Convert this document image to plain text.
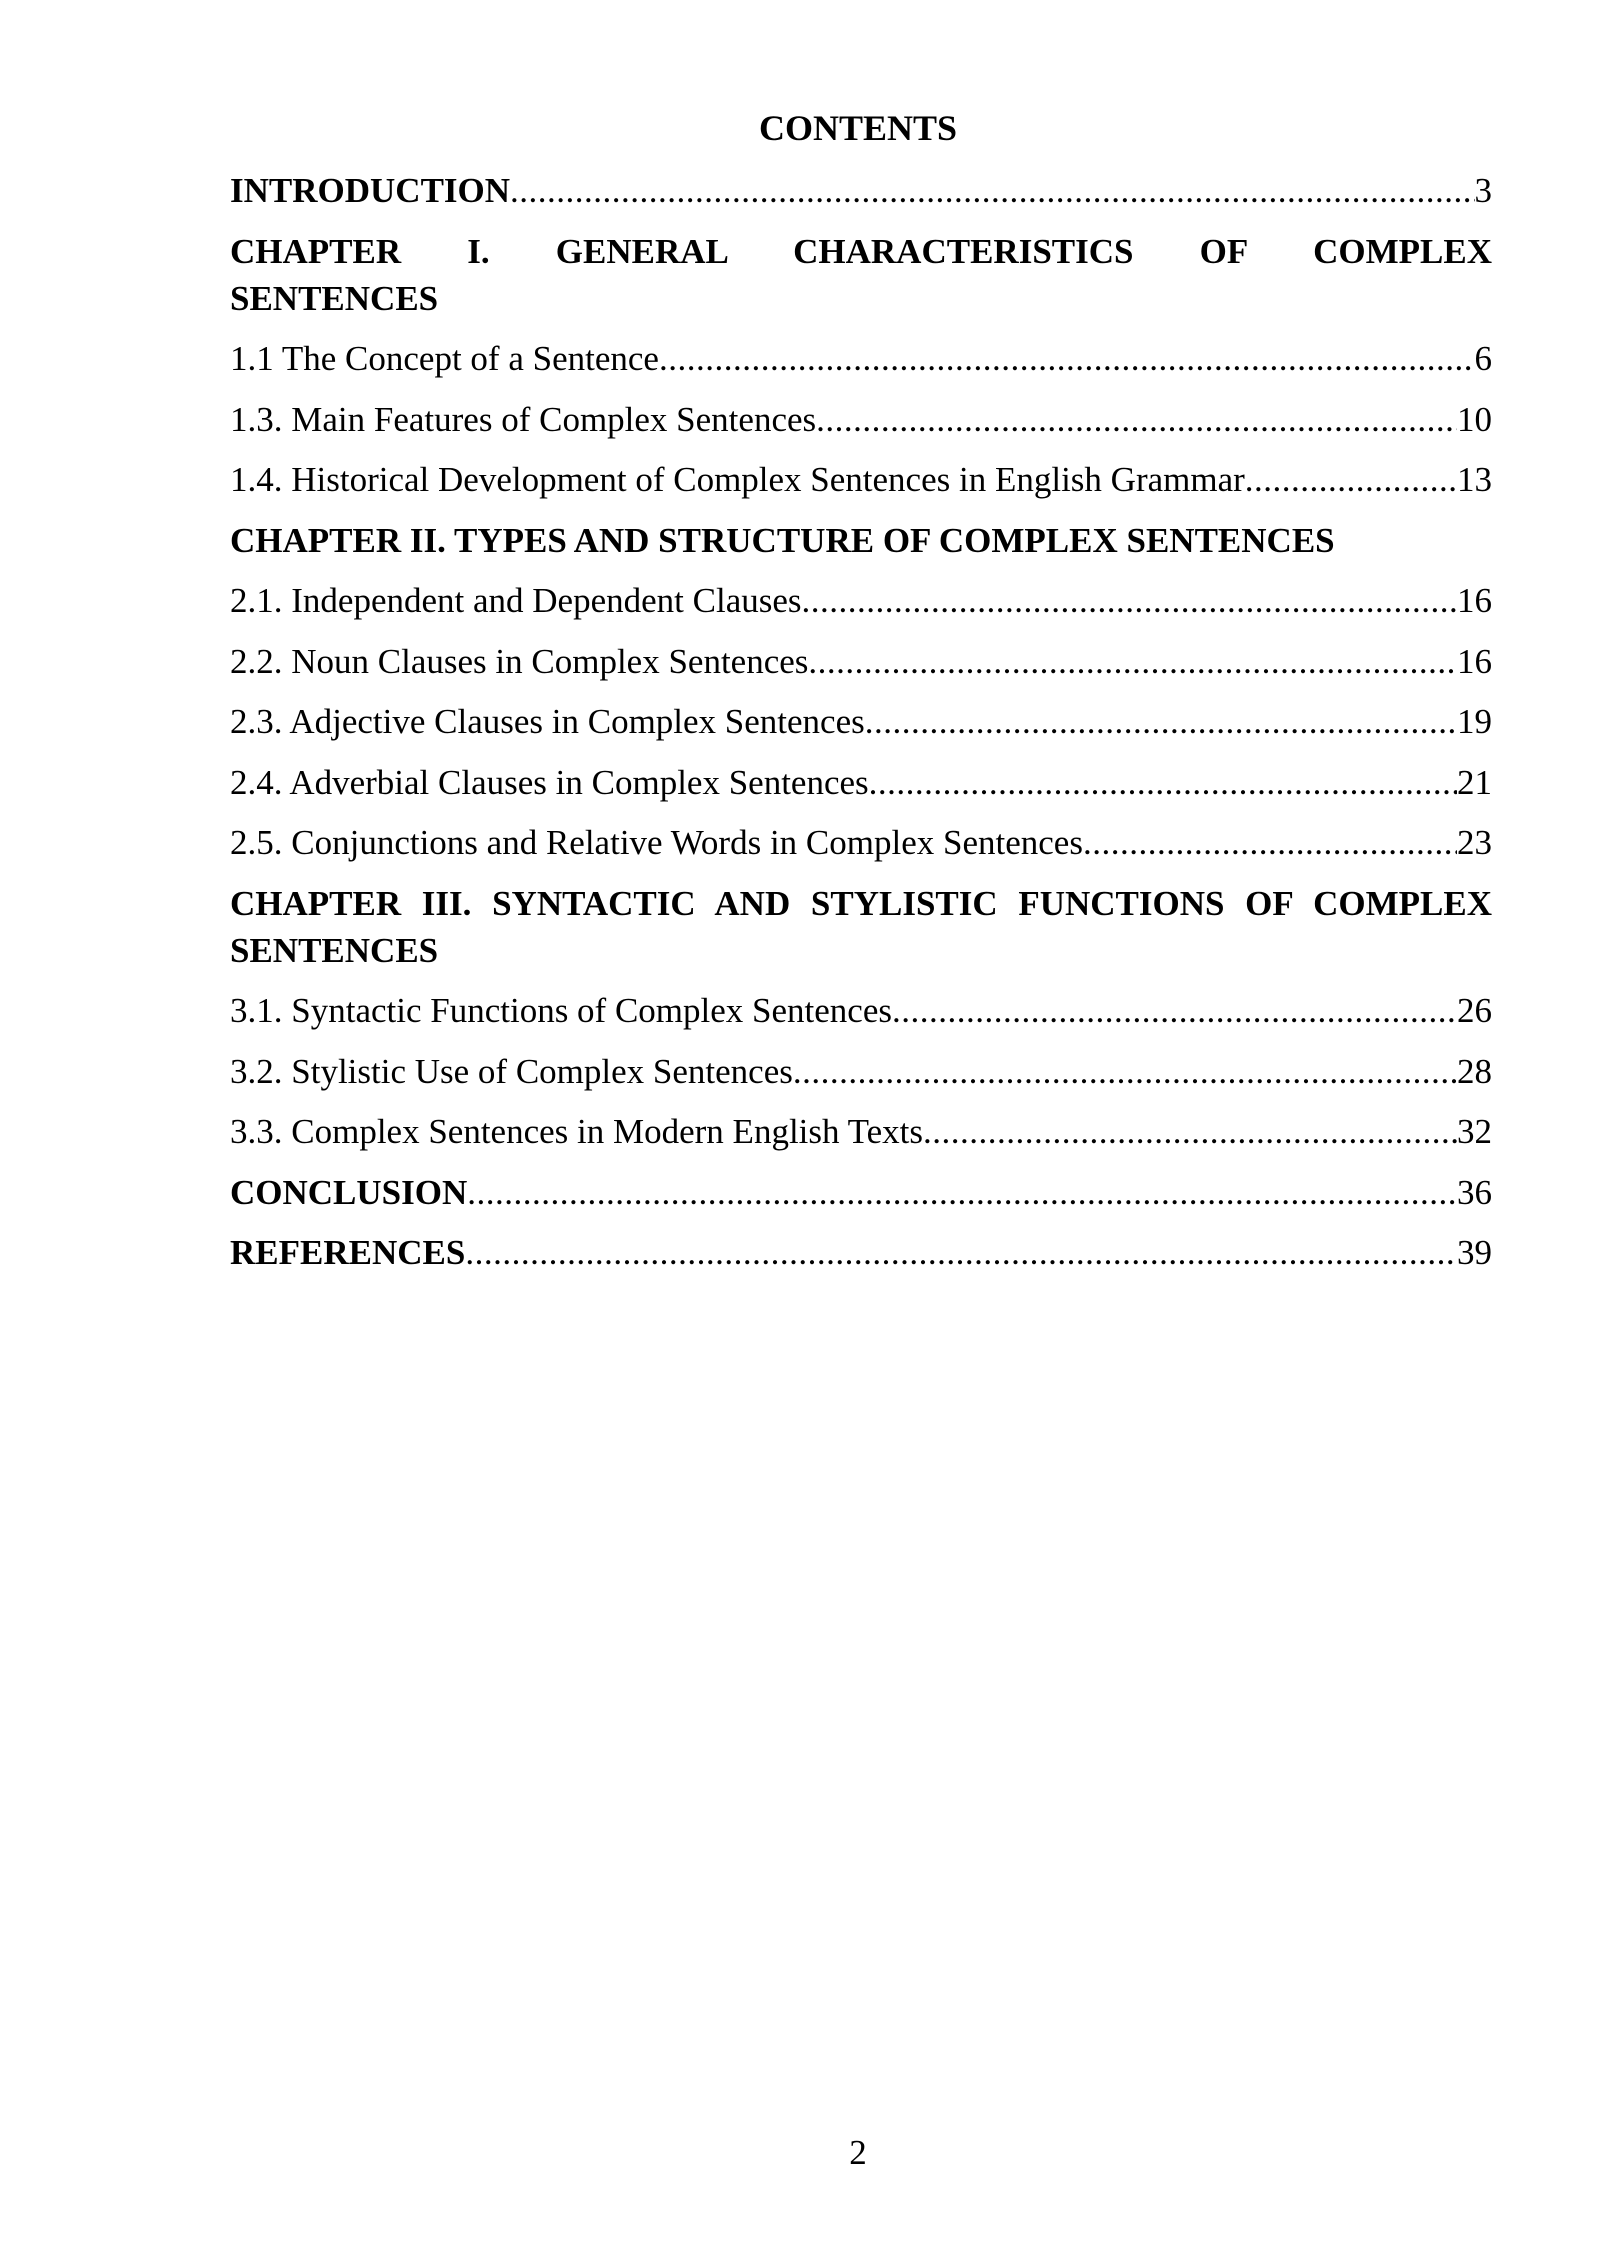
CONTENTS
INTRODUCTION .....	3
CHAPTER I. GENERAL CHARACTERISTICS OF COMPLEX
SENTENCES
1.1 The Concept of a Sentence .....	6
1.3. Main Features of Complex Sentences .....	10
1.4. Historical Development of Complex Sentences in English Grammar .....	13
CHAPTER II. TYPES AND STRUCTURE OF COMPLEX SENTENCES
2.1. Independent and Dependent Clauses .....	16
2.2. Noun Clauses in Complex Sentences .....	16
2.3. Adjective Clauses in Complex Sentences .....	19
2.4. Adverbial Clauses in Complex Sentences .....	21
2.5. Conjunctions and Relative Words in Complex Sentences .....	23
CHAPTER III. SYNTACTIC AND STYLISTIC FUNCTIONS OF COMPLEX
SENTENCES
3.1. Syntactic Functions of Complex Sentences .....	26
3.2. Stylistic Use of Complex Sentences .....	28
3.3. Complex Sentences in Modern English Texts .....	32
CONCLUSION .....	36
REFERENCES .....	39
2
